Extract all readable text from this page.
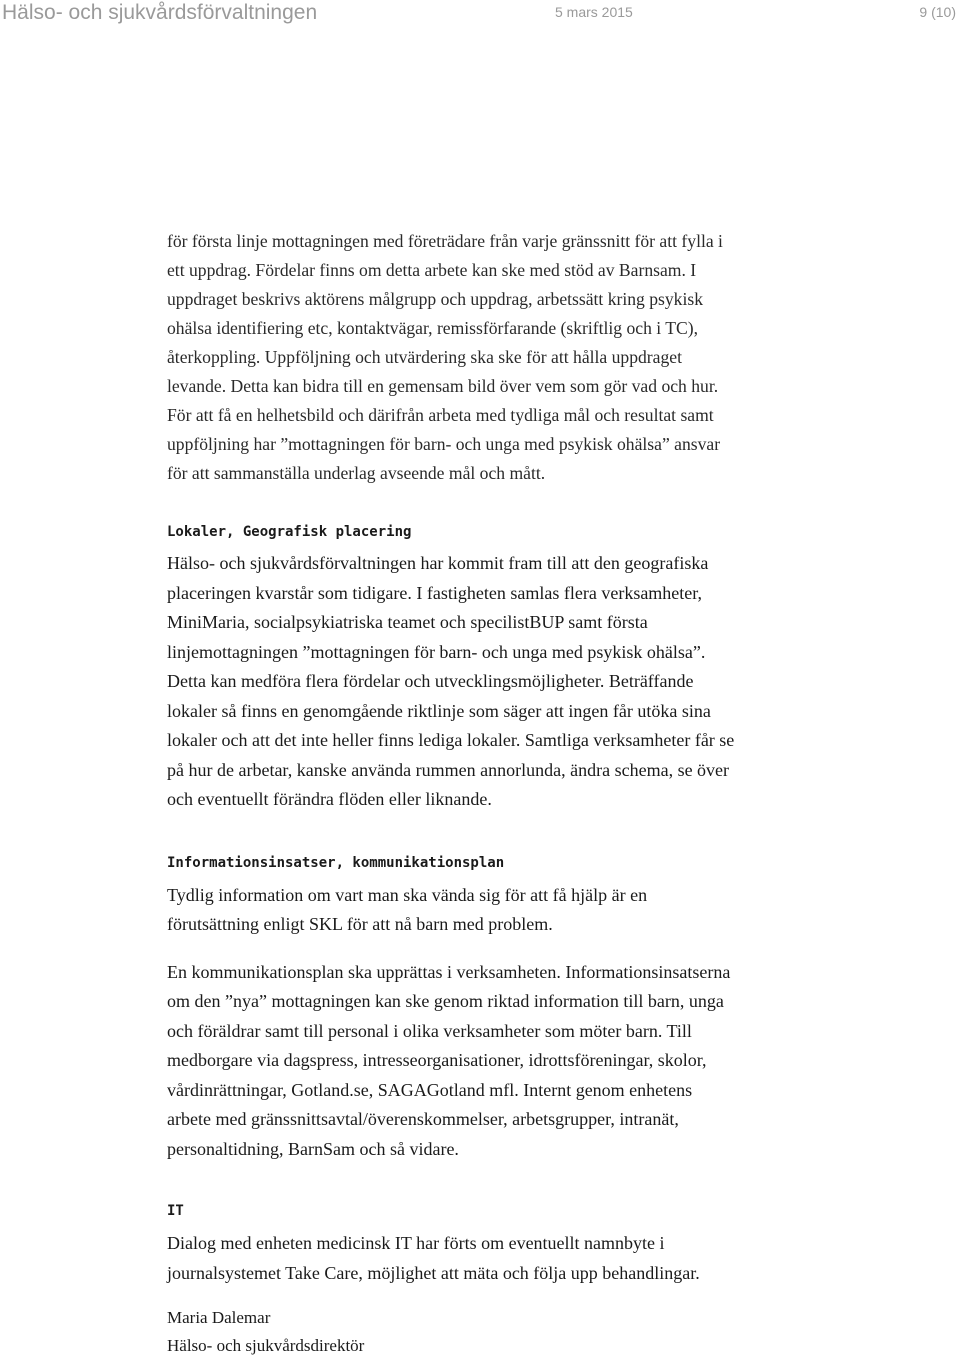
Hälso- och sjukvårdsförvaltningen	5 mars 2015	9 (10)

för första linje mottagningen med företrädare från varje gränssnitt för att fylla i
ett uppdrag. Fördelar finns om detta arbete kan ske med stöd av Barnsam. I
uppdraget beskrivs aktörens målgrupp och uppdrag, arbetssätt kring psykisk
ohälsa identifiering etc, kontaktvägar, remissförfarande (skriftlig och i TC),
återkoppling. Uppföljning och utvärdering ska ske för att hålla uppdraget
levande. Detta kan bidra till en gemensam bild över vem som gör vad och hur.
För att få en helhetsbild och därifrån arbeta med tydliga mål och resultat samt
uppföljning har ”mottagningen för barn- och unga med psykisk ohälsa” ansvar
för att sammanställa underlag avseende mål och mått.

Lokaler, Geografisk placering

Hälso- och sjukvårdsförvaltningen har kommit fram till att den geografiska
placeringen kvarstår som tidigare. I fastigheten samlas flera verksamheter,
MiniMaria, socialpsykiatriska teamet och specilistBUP samt första
linjemottagningen ”mottagningen för barn- och unga med psykisk ohälsa”.
Detta kan medföra flera fördelar och utvecklingsmöjligheter. Beträffande
lokaler så finns en genomgående riktlinje som säger att ingen får utöka sina
lokaler och att det inte heller finns lediga lokaler. Samtliga verksamheter får se
på hur de arbetar, kanske använda rummen annorlunda, ändra schema, se över
och eventuellt förändra flöden eller liknande.

Informationsinsatser, kommunikationsplan

Tydlig information om vart man ska vända sig för att få hjälp är en
förutsättning enligt SKL för att nå barn med problem.

En kommunikationsplan ska upprättas i verksamheten. Informationsinsatserna
om den ”nya” mottagningen kan ske genom riktad information till barn, unga
och föräldrar samt till personal i olika verksamheter som möter barn. Till
medborgare via dagspress, intresseorganisationer, idrottsföreningar, skolor,
vårdinrättningar, Gotland.se, SAGAGotland mfl. Internt genom enhetens
arbete med gränssnittsavtal/överenskommelser, arbetsgrupper, intranät,
personaltidning, BarnSam och så vidare.

IT

Dialog med enheten medicinsk IT har förts om eventuellt namnbyte i
journalsystemet Take Care, möjlighet att mäta och följa upp behandlingar.

Maria Dalemar
Hälso- och sjukvårdsdirektör
